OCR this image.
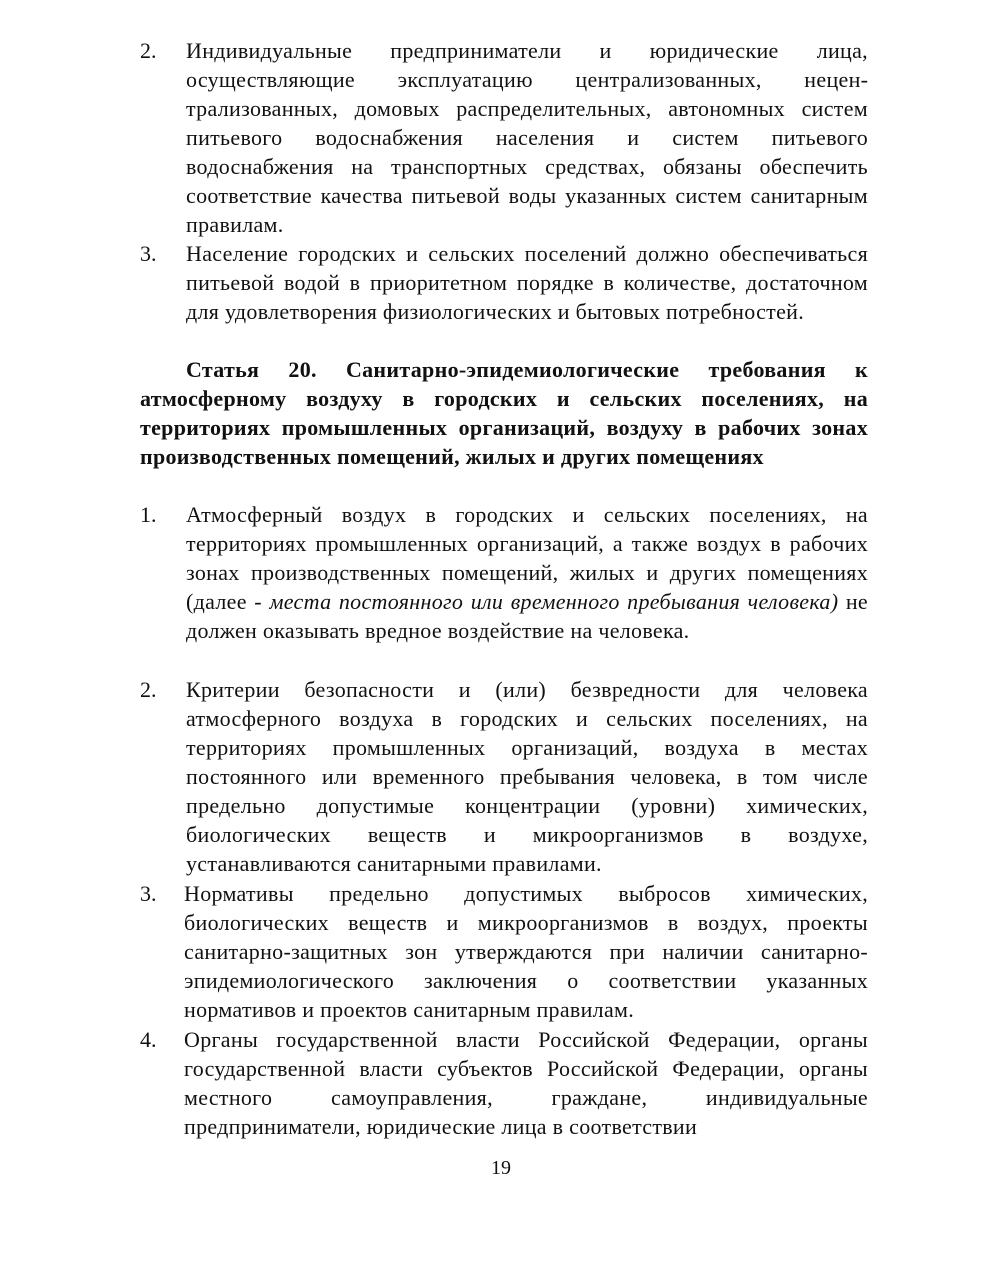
2. Индивидуальные предприниматели и юридические лица, осуществляющие эксплуатацию централизованных, нецентрализованных, домовых распределительных, автономных систем питьевого водоснабжения населения и систем питьевого водоснабжения на транспортных средствах, обязаны обеспечить соответствие качества питьевой воды указанных систем санитарным правилам.
3. Население городских и сельских поселений должно обеспечиваться питьевой водой в приоритетном порядке в количестве, достаточном для удовлетворения физиологических и бытовых потребностей.
Статья 20. Санитарно-эпидемиологические требования к атмосферному воздуху в городских и сельских поселениях, на территориях промышленных организаций, воздуху в рабочих зонах производственных помещений, жилых и других помещениях
1. Атмосферный воздух в городских и сельских поселениях, на территориях промышленных организаций, а также воздух в рабочих зонах производственных помещений, жилых и других помещениях (далее - места постоянного или временного пребывания человека) не должен оказывать вредное воздействие на человека.
2. Критерии безопасности и (или) безвредности для человека атмосферного воздуха в городских и сельских поселениях, на территориях промышленных организаций, воздуха в местах постоянного или временного пребывания человека, в том числе предельно допустимые концентрации (уровни) химических, биологических веществ и микроорганизмов в воздухе, устанавливаются санитарными правилами.
3. Нормативы предельно допустимых выбросов химических, биологических веществ и микроорганизмов в воздух, проекты санитарно-защитных зон утверждаются при наличии санитарно-эпидемиологического заключения о соответствии указанных нормативов и проектов санитарным правилам.
4. Органы государственной власти Российской Федерации, органы государственной власти субъектов Российской Федерации, органы местного самоуправления, граждане, индивидуальные предприниматели, юридические лица в соответствии
19
